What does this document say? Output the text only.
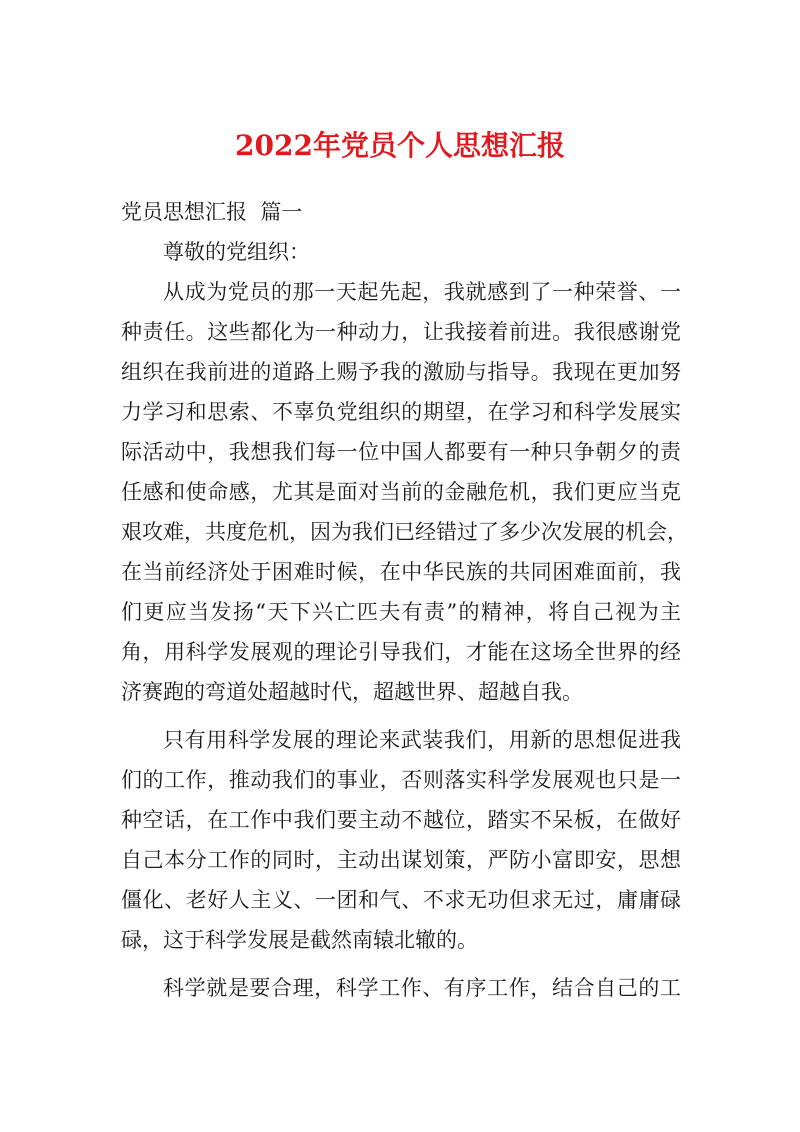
2022年党员个人思想汇报

党员思想汇报  篇一

尊敬的党组织：

从成为党员的那一天起先起，我就感到了一种荣誉、一
种责任。这些都化为一种动力，让我接着前进。我很感谢党
组织在我前进的道路上赐予我的激励与指导。我现在更加努
力学习和思索、不辜负党组织的期望，在学习和科学发展实
际活动中，我想我们每一位中国人都要有一种只争朝夕的责
任感和使命感，尤其是面对当前的金融危机，我们更应当克
艰攻难，共度危机，因为我们已经错过了多少次发展的机会，
在当前经济处于困难时候，在中华民族的共同困难面前，我
们更应当发扬“天下兴亡匹夫有责”的精神，将自己视为主
角，用科学发展观的理论引导我们，才能在这场全世界的经
济赛跑的弯道处超越时代，超越世界、超越自我。
只有用科学发展的理论来武装我们，用新的思想促进我
们的工作，推动我们的事业，否则落实科学发展观也只是一
种空话，在工作中我们要主动不越位，踏实不呆板，在做好
自己本分工作的同时，主动出谋划策，严防小富即安，思想
僵化、老好人主义、一团和气、不求无功但求无过，庸庸碌
碌，这于科学发展是截然南辕北辙的。
科学就是要合理，科学工作、有序工作，结合自己的工
